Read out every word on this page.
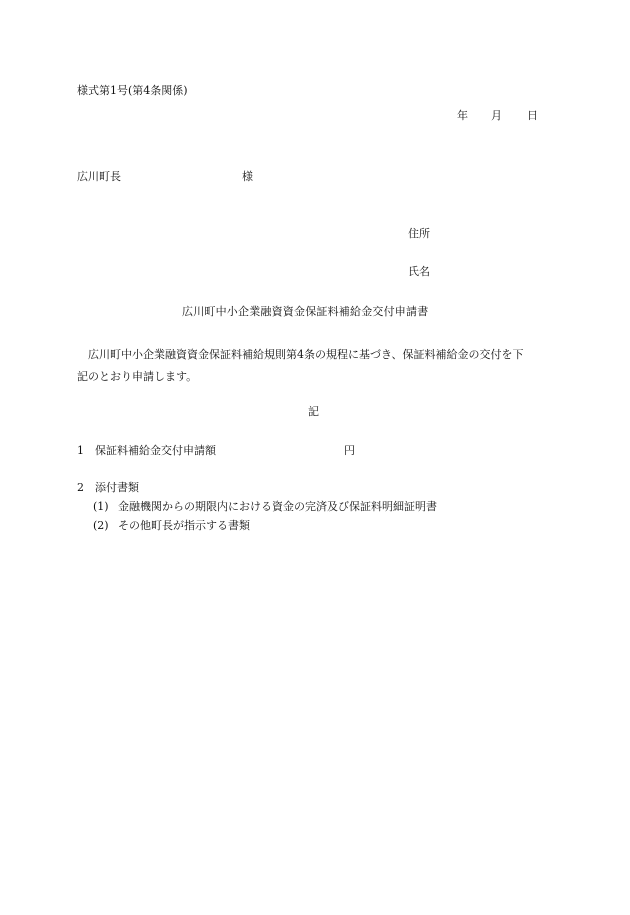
様式第1号(第4条関係)
年 月 日
広川町長	様
住所
氏名
広川町中小企業融資資金保証料補給金交付申請書
広川町中小企業融資資金保証料補給規則第4条の規程に基づき、保証料補給金の交付を下
記のとおり申請します。
記
1 保証料補給金交付申請額	円
2 添付書類
(1) 金融機関からの期限内における資金の完済及び保証料明細証明書
(2) その他町長が指示する書類
